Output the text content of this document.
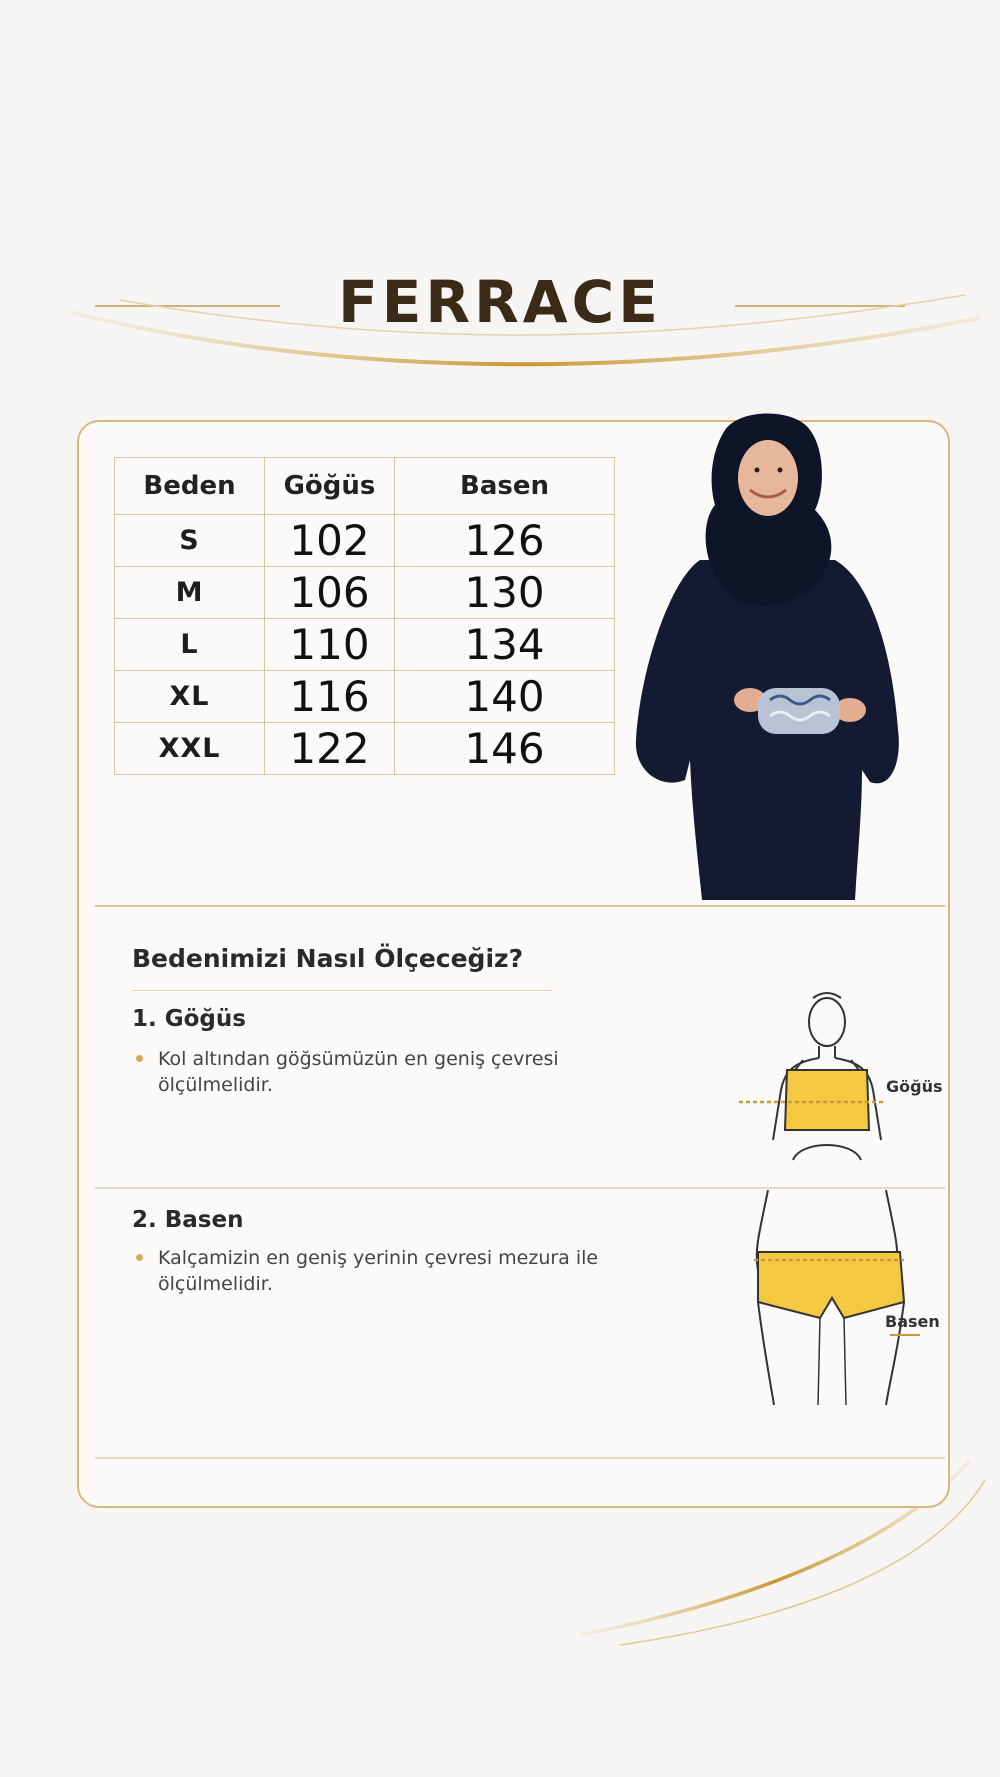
FERRACE
Beden	Göğüs	Basen
S	102	126
M	106	130
L	110	134
XL	116	140
XXL	122	146
Bedenimizi Nasıl Ölçeceğiz?
1. Göğüs
Kol altından göğsümüzün en geniş çevresi ölçülmelidir.
2. Basen
Kalçamizin en geniş yerinin çevresi mezura ile ölçülmelidir.
Göğüs
Basen
